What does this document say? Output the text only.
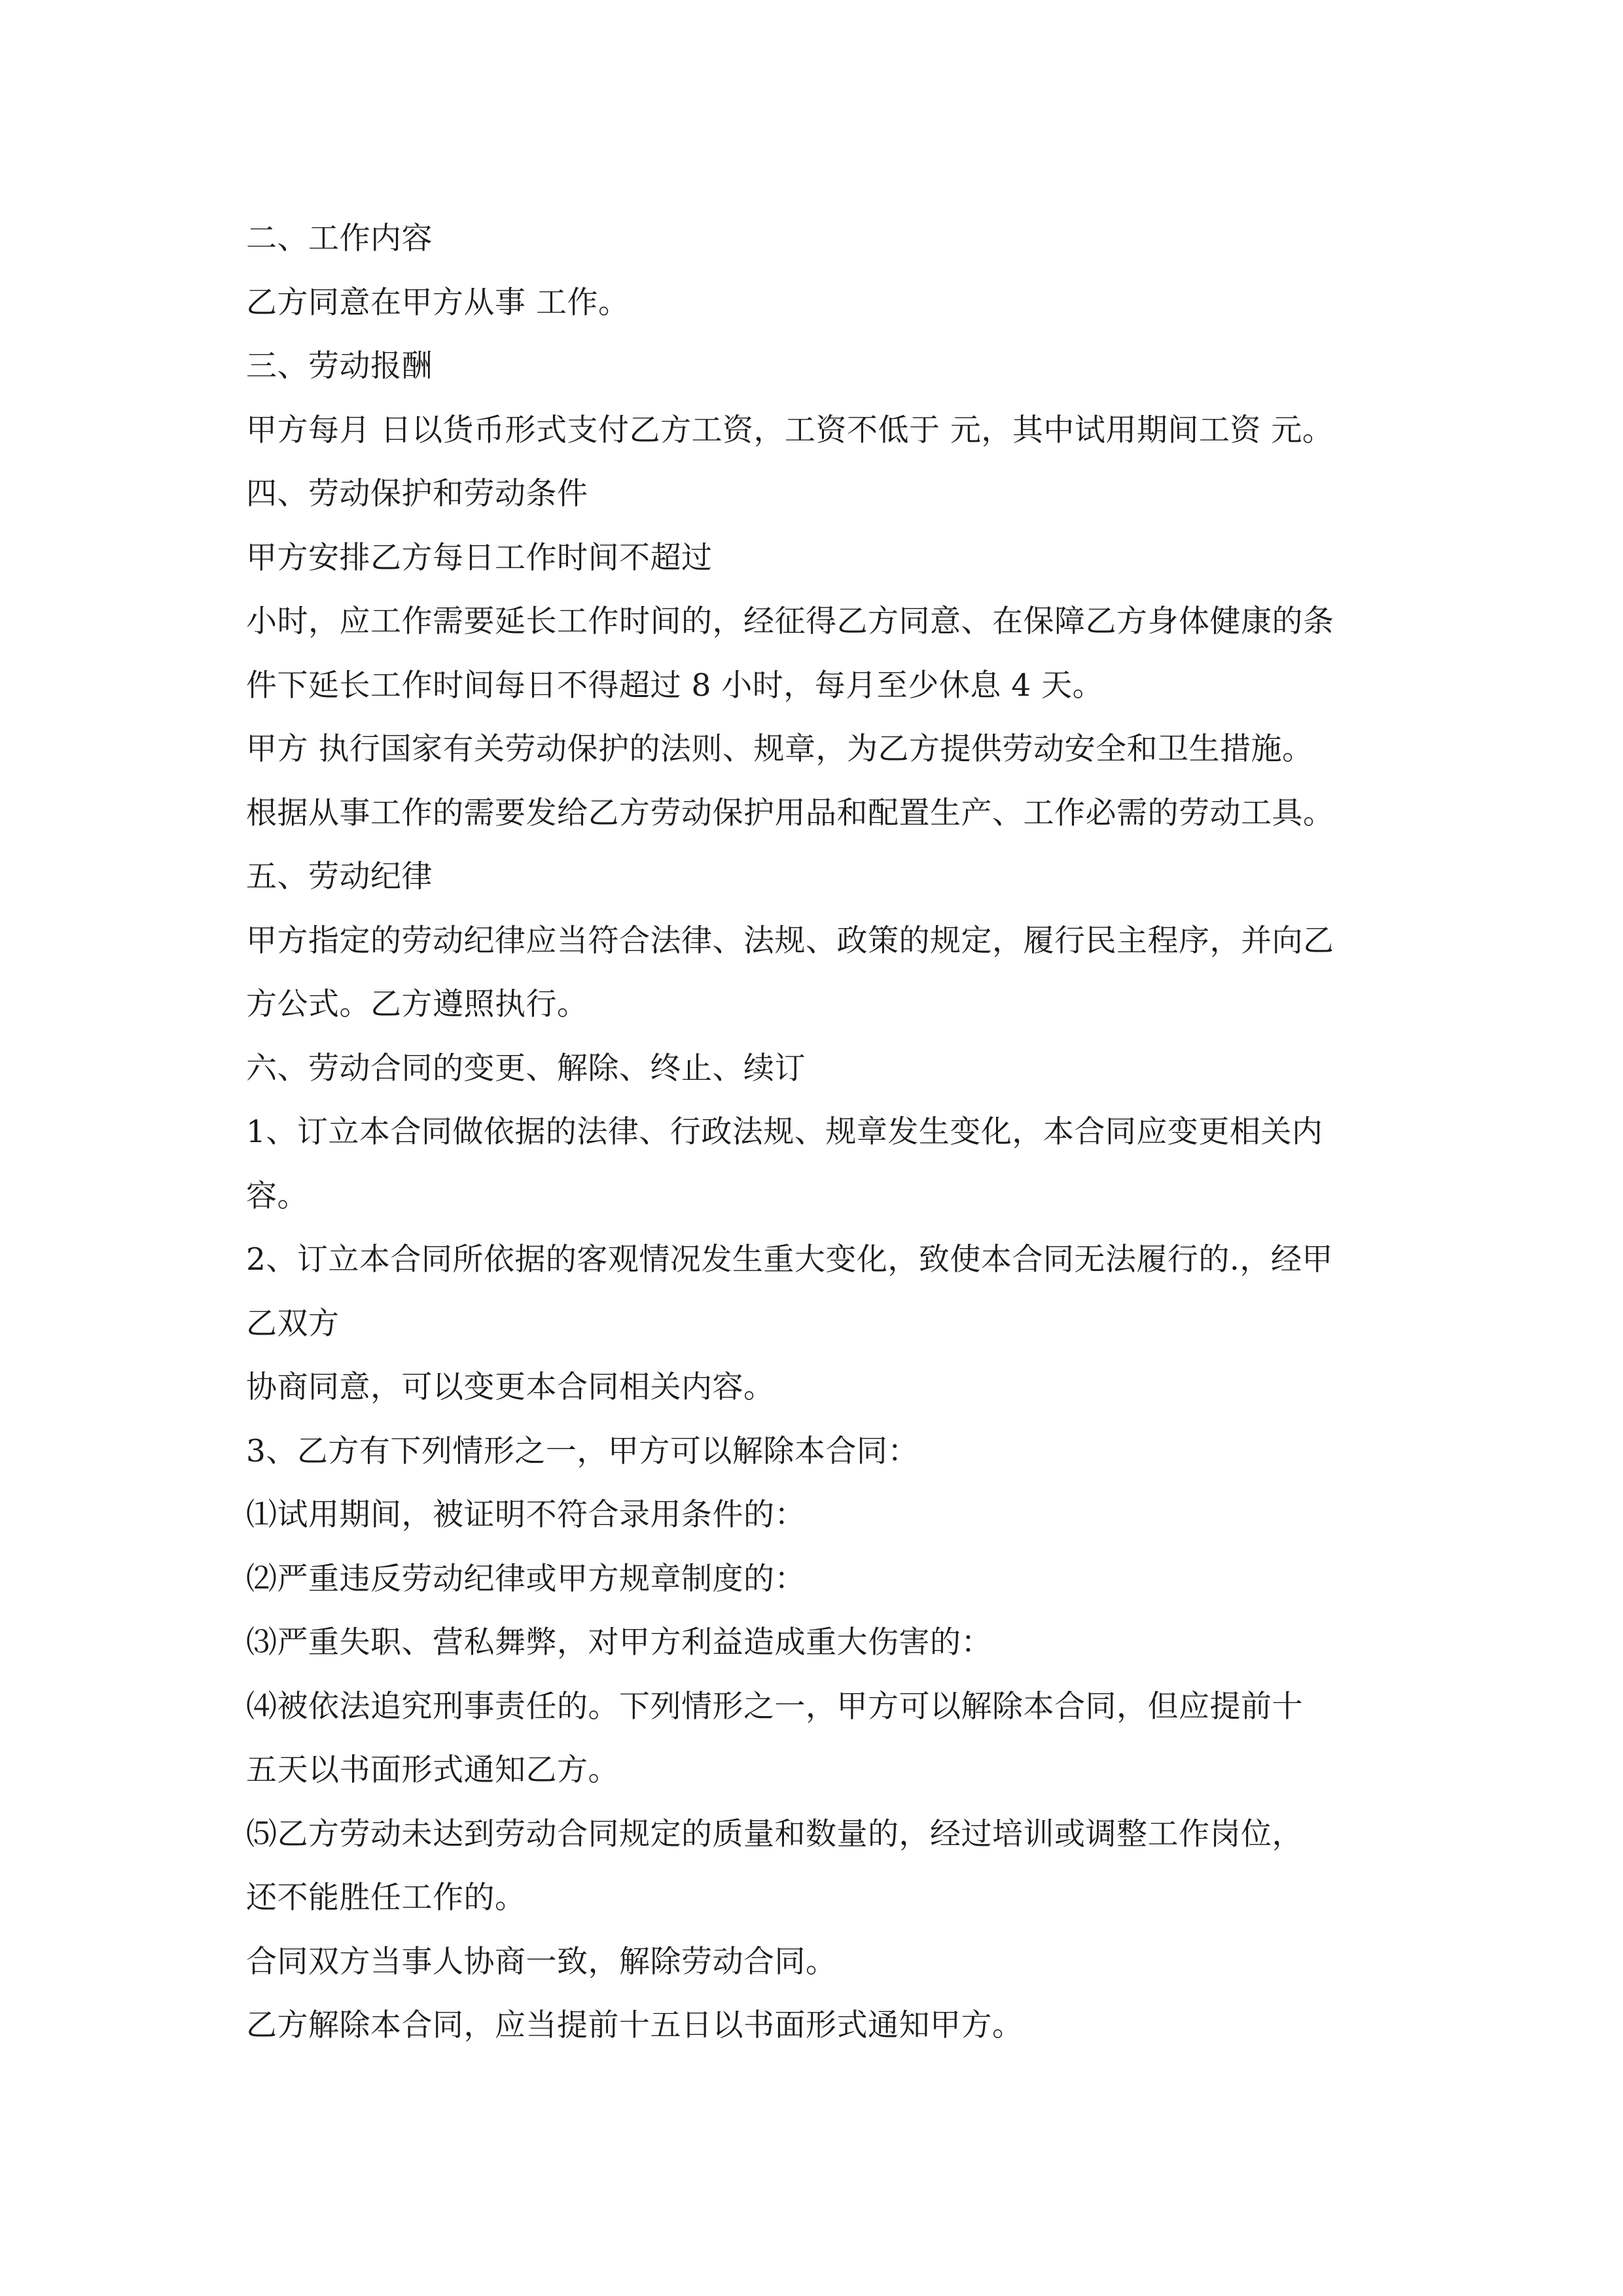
二、工作内容
乙方同意在甲方从事 工作。
三、劳动报酬
甲方每月 日以货币形式支付乙方工资，工资不低于 元，其中试用期间工资 元。
四、劳动保护和劳动条件
甲方安排乙方每日工作时间不超过
小时，应工作需要延长工作时间的，经征得乙方同意、在保障乙方身体健康的条
件下延长工作时间每日不得超过 8 小时，每月至少休息 4 天。
甲方 执行国家有关劳动保护的法则、规章，为乙方提供劳动安全和卫生措施。
根据从事工作的需要发给乙方劳动保护用品和配置生产、工作必需的劳动工具。
五、劳动纪律
甲方指定的劳动纪律应当符合法律、法规、政策的规定，履行民主程序，并向乙
方公式。乙方遵照执行。
六、劳动合同的变更、解除、终止、续订
1、订立本合同做依据的法律、行政法规、规章发生变化，本合同应变更相关内
容。
2、订立本合同所依据的客观情况发生重大变化，致使本合同无法履行的.，经甲
乙双方
协商同意，可以变更本合同相关内容。
3、乙方有下列情形之一，甲方可以解除本合同：
⑴试用期间，被证明不符合录用条件的：
⑵严重违反劳动纪律或甲方规章制度的：
⑶严重失职、营私舞弊，对甲方利益造成重大伤害的：
⑷被依法追究刑事责任的。下列情形之一，甲方可以解除本合同，但应提前十
五天以书面形式通知乙方。
⑸乙方劳动未达到劳动合同规定的质量和数量的，经过培训或调整工作岗位，
还不能胜任工作的。
合同双方当事人协商一致，解除劳动合同。
乙方解除本合同，应当提前十五日以书面形式通知甲方。
